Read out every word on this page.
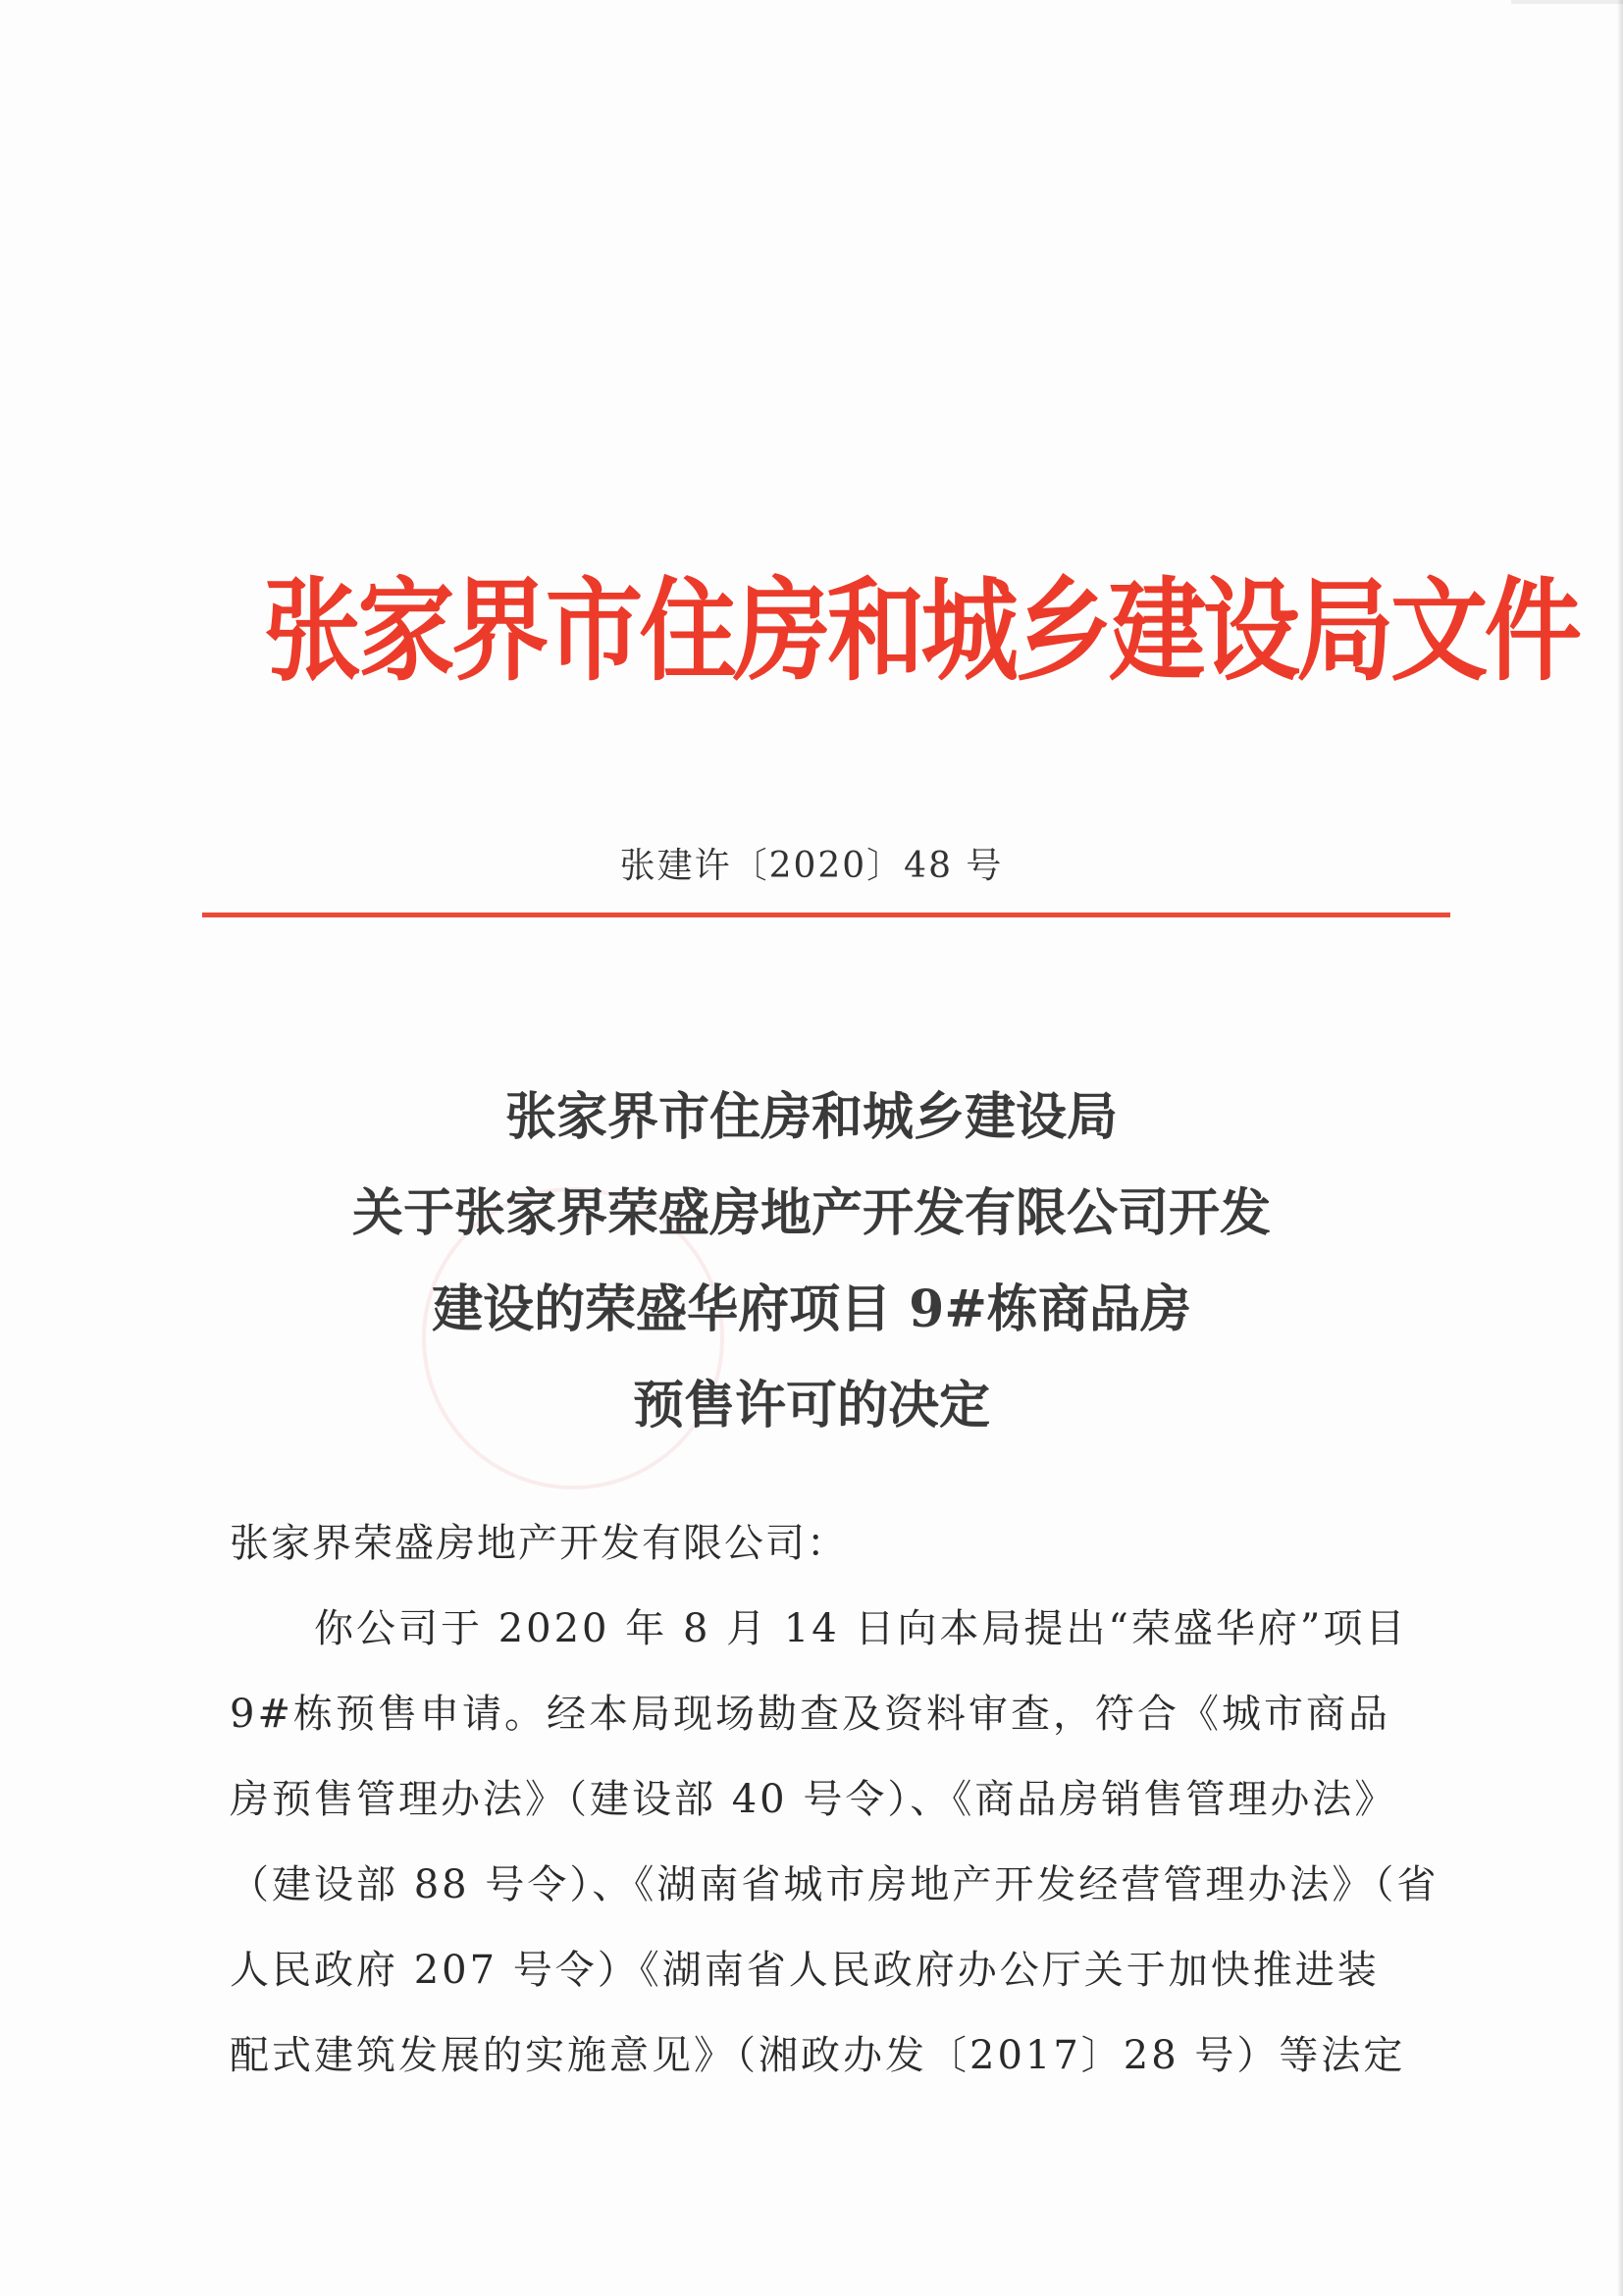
张家界市住房和城乡建设局文件
张建许〔2020〕48 号
张家界市住房和城乡建设局
关于张家界荣盛房地产开发有限公司开发
建设的荣盛华府项目 9#栋商品房
预售许可的决定
张家界荣盛房地产开发有限公司：
你公司于 2020 年 8 月 14 日向本局提出“荣盛华府”项目
9#栋预售申请。经本局现场勘查及资料审查，符合《城市商品
房预售管理办法》（建设部 40 号令）、《商品房销售管理办法》
（建设部 88 号令）、《湖南省城市房地产开发经营管理办法》（省
人民政府 207 号令）《湖南省人民政府办公厅关于加快推进装
配式建筑发展的实施意见》（湘政办发〔2017〕28 号）等法定
